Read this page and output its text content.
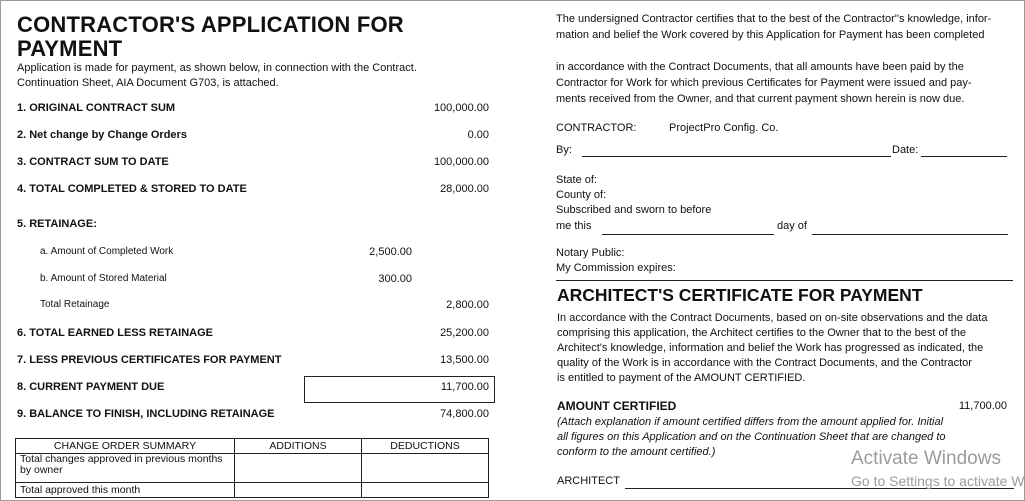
CONTRACTOR'S APPLICATION FOR
PAYMENT
Application is made for payment, as shown below, in connection with the Contract.
Continuation Sheet, AIA Document G703, is attached.
1. ORIGINAL CONTRACT SUM	100,000.00
2. Net change by Change Orders	0.00
3. CONTRACT SUM TO DATE	100,000.00
4. TOTAL COMPLETED & STORED TO DATE	28,000.00
5. RETAINAGE:
a. Amount of Completed Work	2,500.00
b. Amount of Stored Material	300.00
Total Retainage	2,800.00
6. TOTAL EARNED LESS RETAINAGE	25,200.00
7. LESS PREVIOUS CERTIFICATES FOR PAYMENT	13,500.00
8. CURRENT PAYMENT DUE	11,700.00
9. BALANCE TO FINISH, INCLUDING RETAINAGE	74,800.00
CHANGE ORDER SUMMARY	ADDITIONS	DEDUCTIONS

Total changes approved in previous months
by owner		

Total approved this month		
The undersigned Contractor certifies that to the best of the Contractor''s knowledge, infor-
mation and belief the Work covered by this Application for Payment has been completed
in accordance with the Contract Documents, that all amounts have been paid by the
Contractor for Work for which previous Certificates for Payment were issued and pay-
ments received from the Owner, and that current payment shown herein is now due.
CONTRACTOR:	ProjectPro Config. Co.
By:	Date:
State of:
County of:
Subscribed and sworn to before
me this	day of
Notary Public:
My Commission expires:
ARCHITECT'S CERTIFICATE FOR PAYMENT
In accordance with the Contract Documents, based on on-site observations and the data
comprising this application, the Architect certifies to the Owner that to the best of the
Architect's knowledge, information and belief the Work has progressed as indicated, the
quality of the Work is in accordance with the Contract Documents, and the Contractor
is entitled to payment of the AMOUNT CERTIFIED.
AMOUNT CERTIFIED	11,700.00
(Attach explanation if amount certified differs from the amount applied for. Initial
all figures on this Application and on the Continuation Sheet that are changed to
conform to the amount certified.)
ARCHITECT
Activate Windows
Go to Settings to activate W
